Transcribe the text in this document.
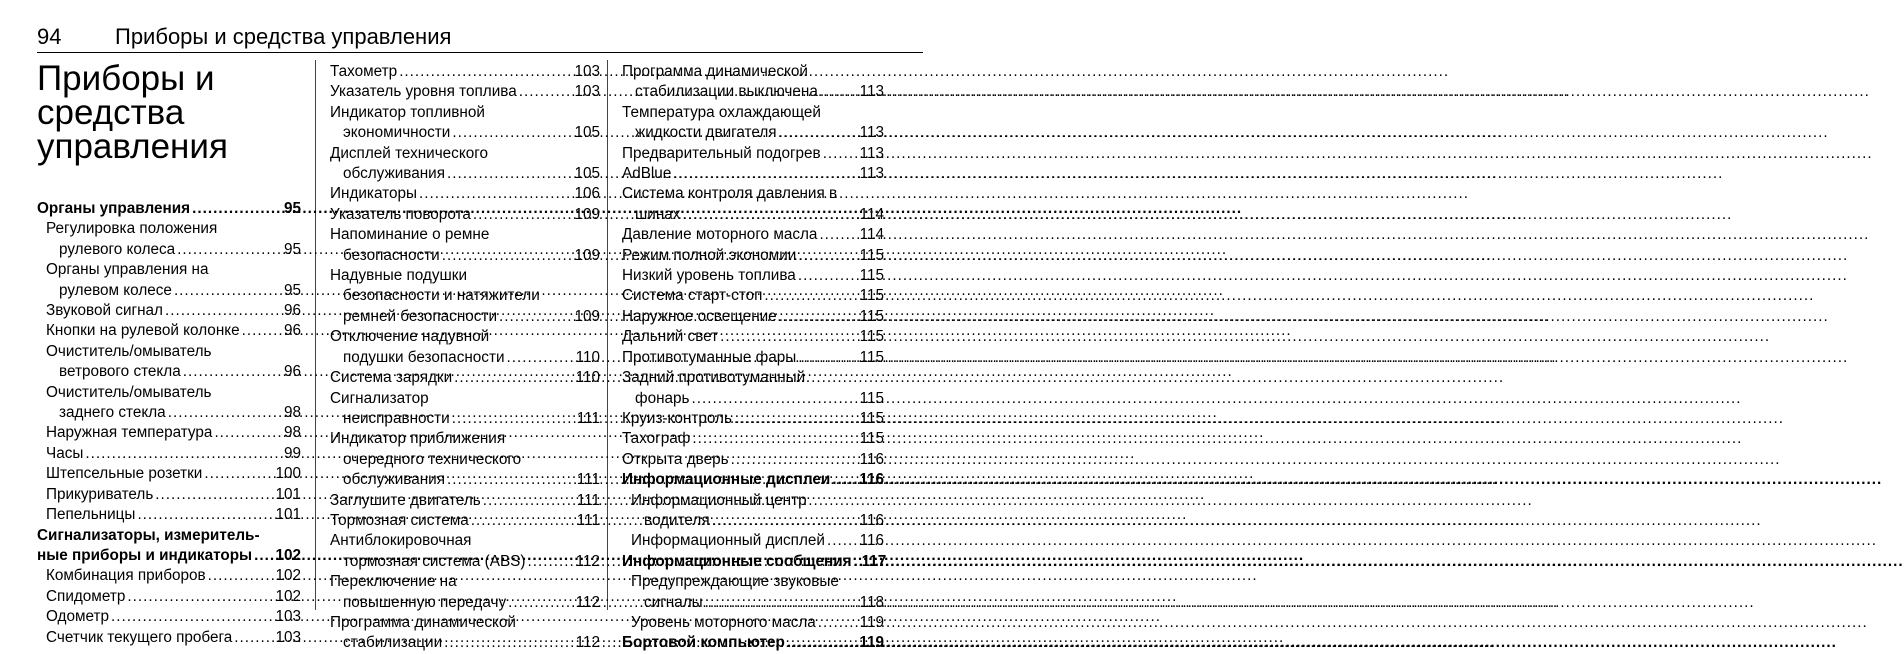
94 Приборы и средства управления
Приборы и
средства
управления
Органы управления .....	95
Регулировка положения
рулевого колеса .....	95
Органы управления на
рулевом колесе .....	95
Звуковой сигнал .....	96
Кнопки на рулевой колонке .....	96
Очиститель/омыватель
ветрового стекла .....	96
Очиститель/омыватель
заднего стекла .....	98
Наружная температура .....	98
Часы .....	99
Штепсельные розетки .....	100
Прикуриватель .....	101
Пепельницы .....	101
Сигнализаторы, измеритель-
ные приборы и индикаторы ..... 102
Комбинация приборов .....	102
Спидометр .....	102
Одометр .....	103
Счетчик текущего пробега .....	103
Тахометр .....	103
Указатель уровня топлива .....	103
Индикатор топливной
экономичности .....	105
Дисплей технического
обслуживания .....	105
Индикаторы .....	106
Указатель поворота .....	109
Напоминание о ремне
безопасности .....	109
Надувные подушки
безопасности и натяжители
ремней безопасности .....	109
Отключение надувной
подушки безопасности .....	110
Система зарядки .....	110
Сигнализатор
неисправности .....	111
Индикатор приближения
очередного технического
обслуживания .....	111
Заглушите двигатель .....	111
Тормозная система .....	111
Антиблокировочная
тормозная система (ABS) .....	112
Переключение на
повышенную передачу .....	112
Программа динамической
стабилизации .....	112
Программа динамической
стабилизации выключена .....	113
Температура охлаждающей
жидкости двигателя .....	113
Предварительный подогрев .....	113
AdBlue .....	113
Система контроля давления в
шинах .....	114
Давление моторного масла .....	114
Режим полной экономии .....	115
Низкий уровень топлива .....	115
Система старт-стоп .....	115
Наружное освещение .....	115
Дальний свет .....	115
Противотуманные фары .....	115
Задний противотуманный
фонарь .....	115
Круиз-контроль .....	115
Тахограф .....	115
Открыта дверь .....	116
Информационные дисплеи ..... 116
Информационный центр
водителя .....	116
Информационный дисплей ..... 116
Информационные сообщения ..... 117
Предупреждающие звуковые
сигналы .....	118
Уровень моторного масла .....	119
Бортовой компьютер .....	119
